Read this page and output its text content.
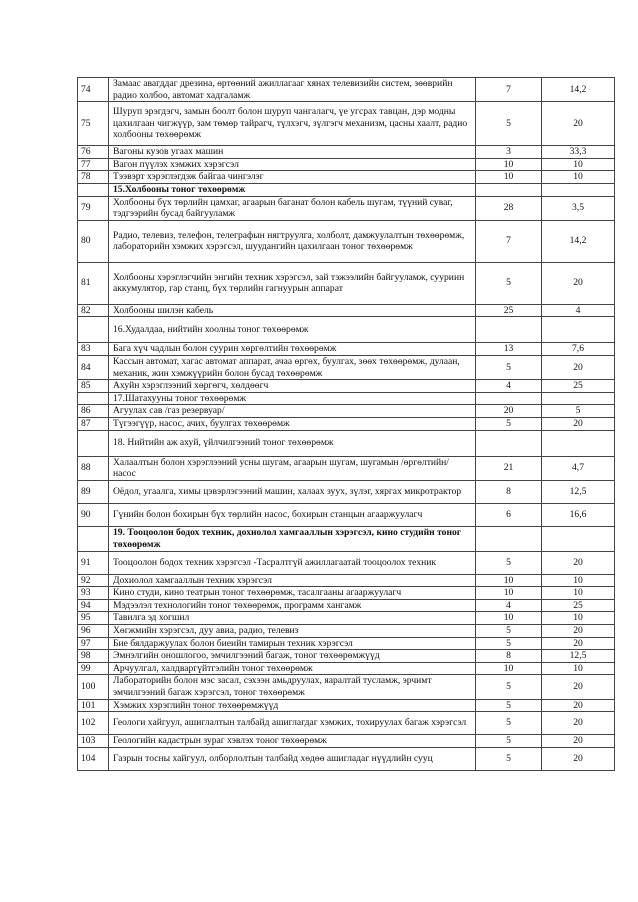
74	Замаас авагддаг дрезина, өртөөний ажиллагааг хянах телевизийн систем, зөөврийн радио холбоо, автомат хадгаламж	7	14,2
75	Шуруп эрэгдэгч, замын боолт болон шуруп чангалагч, үе угсрах тавцан, дэр модны цахилгаан чигжүүр, зам төмөр тайрагч, түлхэгч, зүлгэгч механизм, цасны хаалт, радио холбооны төхөөрөмж	5	20
76	Вагоны кузов угаах машин	3	33,3
77	Вагон пүүлэх хэмжих хэрэгсэл	10	10
78	Тээвэрт хэрэглэгдэж байгаа чингэлэг	10	10
	15.Холбооны тоног төхөөрөмж		
79	Холбооны бүх төрлийн цамхаг, агаарын баганат болон кабель шугам, түүний суваг, тэдгээрийн бусад байгууламж	28	3,5
80	Радио, телевиз, телефон, телеграфын нягтруулга, холболт, дамжуулалтын төхөөрөмж, лабораторийн хэмжих хэрэгсэл, шуудангийн цахилгаан тоног төхөөрөмж	7	14,2
81	Холбооны хэрэглэгчийн энгийн техник хэрэгсэл, зай тэжээлийн байгууламж, сууриин аккумулятор, гар станц, бүх төрлийн гагнуурын аппарат	5	20
82	Холбооны шилэн кабель	25	4
	16.Худалдаа, нийтийн хоолны тоног төхөөрөмж		
83	Бага хүч чадлын болон суурин хөргөлтийн төхөөрөмж	13	7,6
84	Кассын автомат, хагас автомат аппарат, ачаа өргөх, буулгах, зөөх төхөөрөмж, дулаан, механик, жин хэмжүүрийн болон бусад төхөөрөмж	5	20
85	Ахуйн хэрэглээний хөргөгч, хөлдөөгч	4	25
	17.Шатахууны тоног төхөөрөмж		
86	Агуулах сав /газ резервуар/	20	5
87	Түгээгүүр, насос, ачих, буулгах төхөөрөмж	5	20
	18. Нийтийн аж ахуй, үйлчилгээний тоног төхөөрөмж		
88	Халаалтын болон хэрэглээний усны шугам, агаарын шугам, шугамын /өргөлтийн/ насос	21	4,7
89	Оёдол, угаалга, химы цэвэрлэгээний машин, халаах зуух, зүлэг, хяргах микротрактор	8	12,5
90	Гүнийн болон бохирын бүх төрлийн насос, бохирын станцын агааржуулагч	6	16,6
	19. Тооцоолон бодох техник, дохиолол хамгааллын хэрэгсэл, кино студийн тоног төхөөрөмж		
91	Тооцоолон бодох техник хэрэгсэл -Тасралтгүй ажиллагаатай тооцоолох техник	5	20
92	Дохиолол хамгааллын техник хэрэгсэл	10	10
93	Кино студи, кино театрын тоног төхөөрөмж, тасалгааны агааржуулагч	10	10
94	Мэдээлэл технологийн тоног төхөөрөмж, программ хангамж	4	25
95	Тавилга эд хогшил	10	10
96	Хөгжмийн хэрэгсэл, дуу авиа, радио, телевиз	5	20
97	Бие бялдаржуулах болон биеийн тамирын техник хэрэгсэл	5	20
98	Эмнэлгийн оношлогоо, эмчилгээний багаж, тоног төхөөрөмжүүд	8	12,5
99	Арчуулгал, халдваргүйтгэлийн тоног төхөөрөмж	10	10
100	Лабораторийн болон мэс засал, сэхээн амьдруулах, яаралтай тусламж, эрчимт эмчилгээний багаж хэрэгсэл, тоног төхөөрөмж	5	20
101	Хэмжих хэрэглийн тоног төхөөрөмжүүд	5	20
102	Геологи хайгуул, ашиглалтын талбайд ашиглагдаг хэмжих, тохируулах багаж хэрэгсэл	5	20
103	Геологийн кадастрын зураг хэвлэх тоног төхөөрөмж	5	20
104	Газрын тосны хайгуул, олборлолтын талбайд хөдөө ашигладаг нүүдлийн сууц	5	20
